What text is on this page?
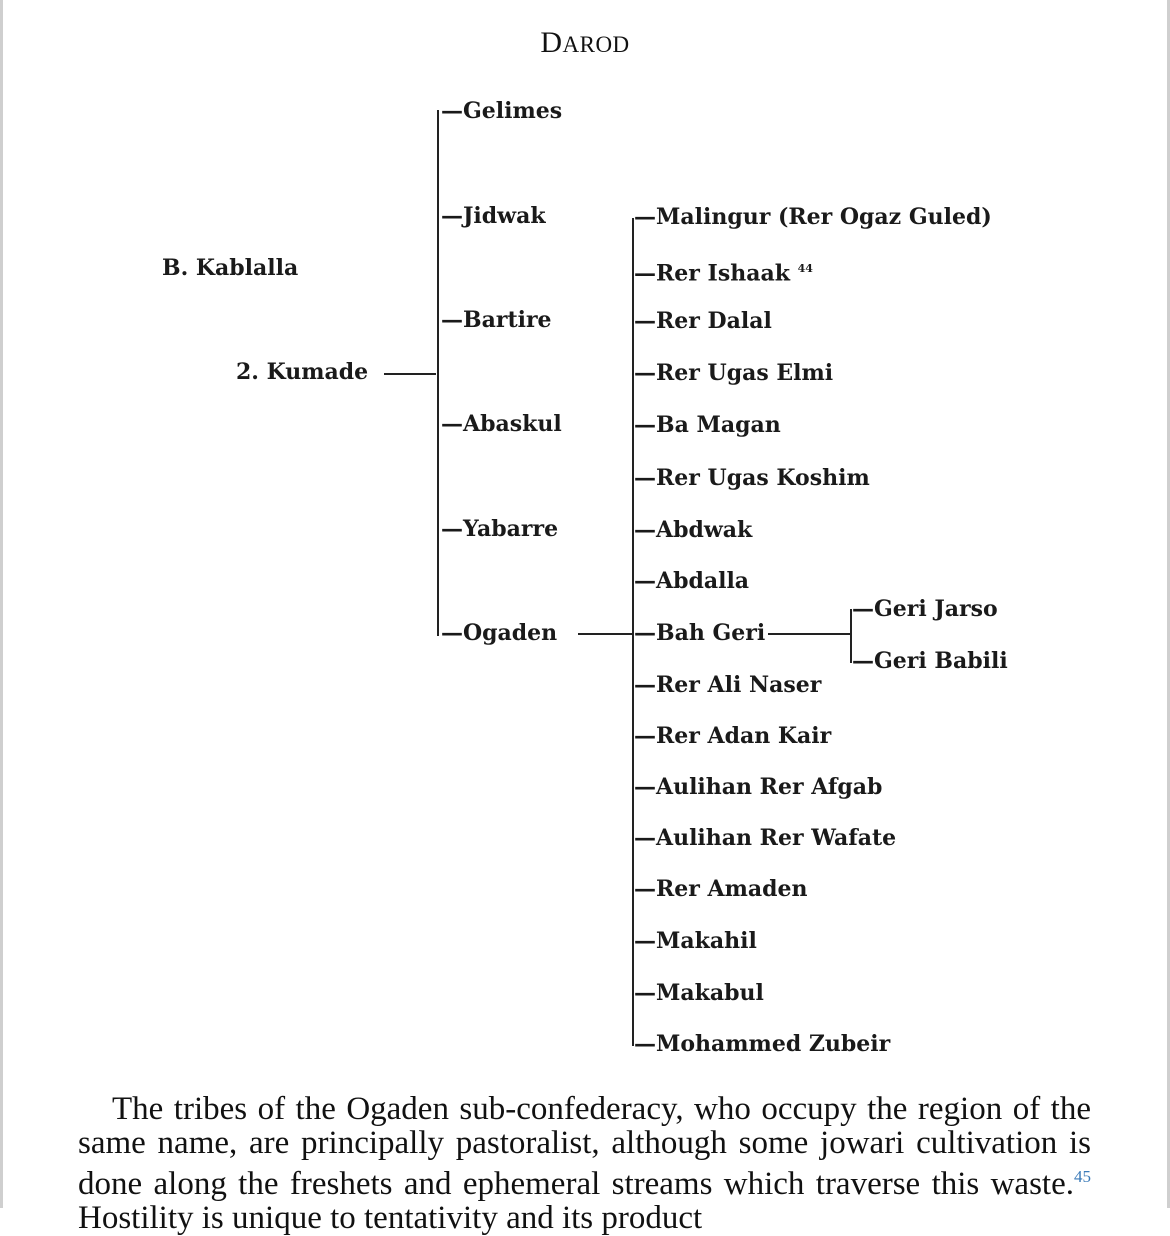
DAROD
B. Kablalla
2. Kumade
—Gelimes
—Jidwak
—Bartire
—Abaskul
—Yabarre
—Ogaden
—Malingur (Rer Ogaz Guled)
—Rer Ishaak $^{44}$
—Rer Dalal
—Rer Ugas Elmi
—Ba Magan
—Rer Ugas Koshim
—Abdwak
—Abdalla
—Bah Geri
—Rer Ali Naser
—Rer Adan Kair
—Aulihan Rer Afgab
—Aulihan Rer Wafate
—Rer Amaden
—Makahil
—Makabul
—Mohammed Zubeir
—Geri Jarso
—Geri Babili

The tribes of the Ogaden sub-confederacy, who occupy the region of the same name, are principally pastoralist, although some jowari cultivation is done along the freshets and ephemeral streams which traverse this waste.$^{45}$ Hostility is unique to tentativity and its product
